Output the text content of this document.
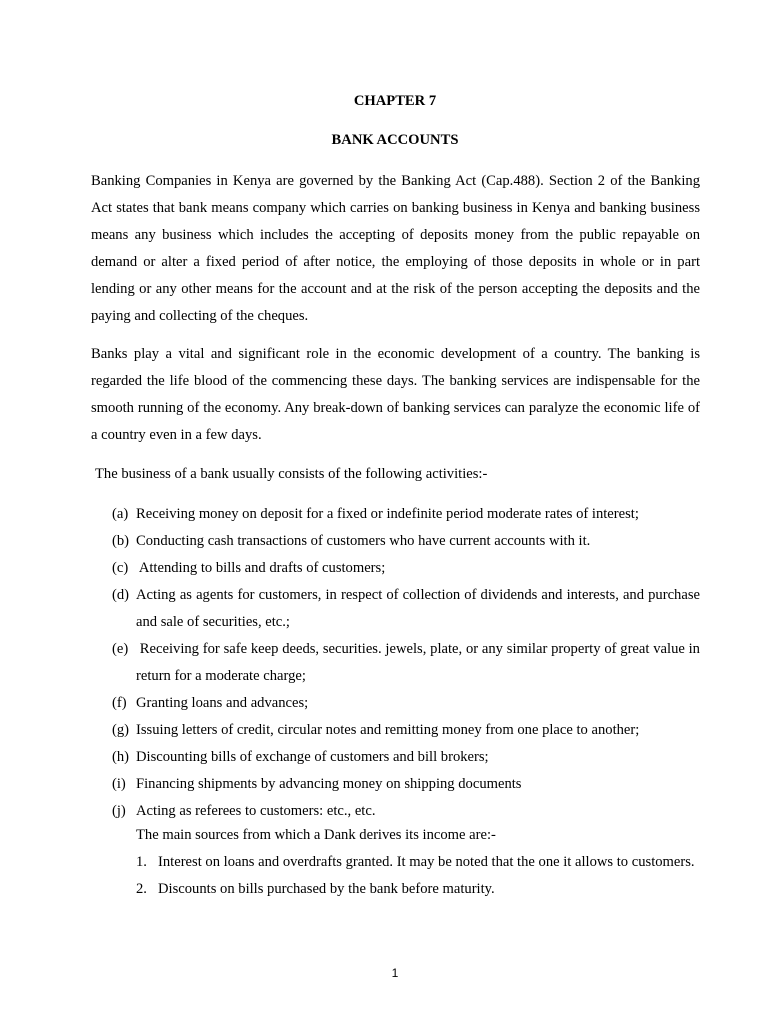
CHAPTER 7
BANK ACCOUNTS

Banking Companies in Kenya are governed by the Banking Act (Cap.488). Section 2 of the Banking Act states that bank means company which carries on banking business in Kenya and banking business means any business which includes the accepting of deposits money from the public repayable on demand or alter a fixed period of after notice, the employing of those deposits in whole or in part lending or any other means for the account and at the risk of the person accepting the deposits and the paying and collecting of the cheques.

Banks play a vital and significant role in the economic development of a country. The banking is regarded the life blood of the commencing these days. The banking services are indispensable for the smooth running of the economy. Any break-down of banking services can paralyze the economic life of a country even in a few days.

The business of a bank usually consists of the following activities:-

(a) Receiving money on deposit for a fixed or indefinite period moderate rates of interest;
(b) Conducting cash transactions of customers who have current accounts with it.
(c) Attending to bills and drafts of customers;
(d) Acting as agents for customers, in respect of collection of dividends and interests, and purchase and sale of securities, etc.;
(e) Receiving for safe keep deeds, securities. jewels, plate, or any similar property of great value in return for a moderate charge;
(f) Granting loans and advances;
(g) Issuing letters of credit, circular notes and remitting money from one place to another;
(h) Discounting bills of exchange of customers and bill brokers;
(i) Financing shipments by advancing money on shipping documents
(j) Acting as referees to customers: etc., etc.
The main sources from which a Dank derives its income are:-
1. Interest on loans and overdrafts granted. It may be noted that the one it allows to customers.
2. Discounts on bills purchased by the bank before maturity.
1
